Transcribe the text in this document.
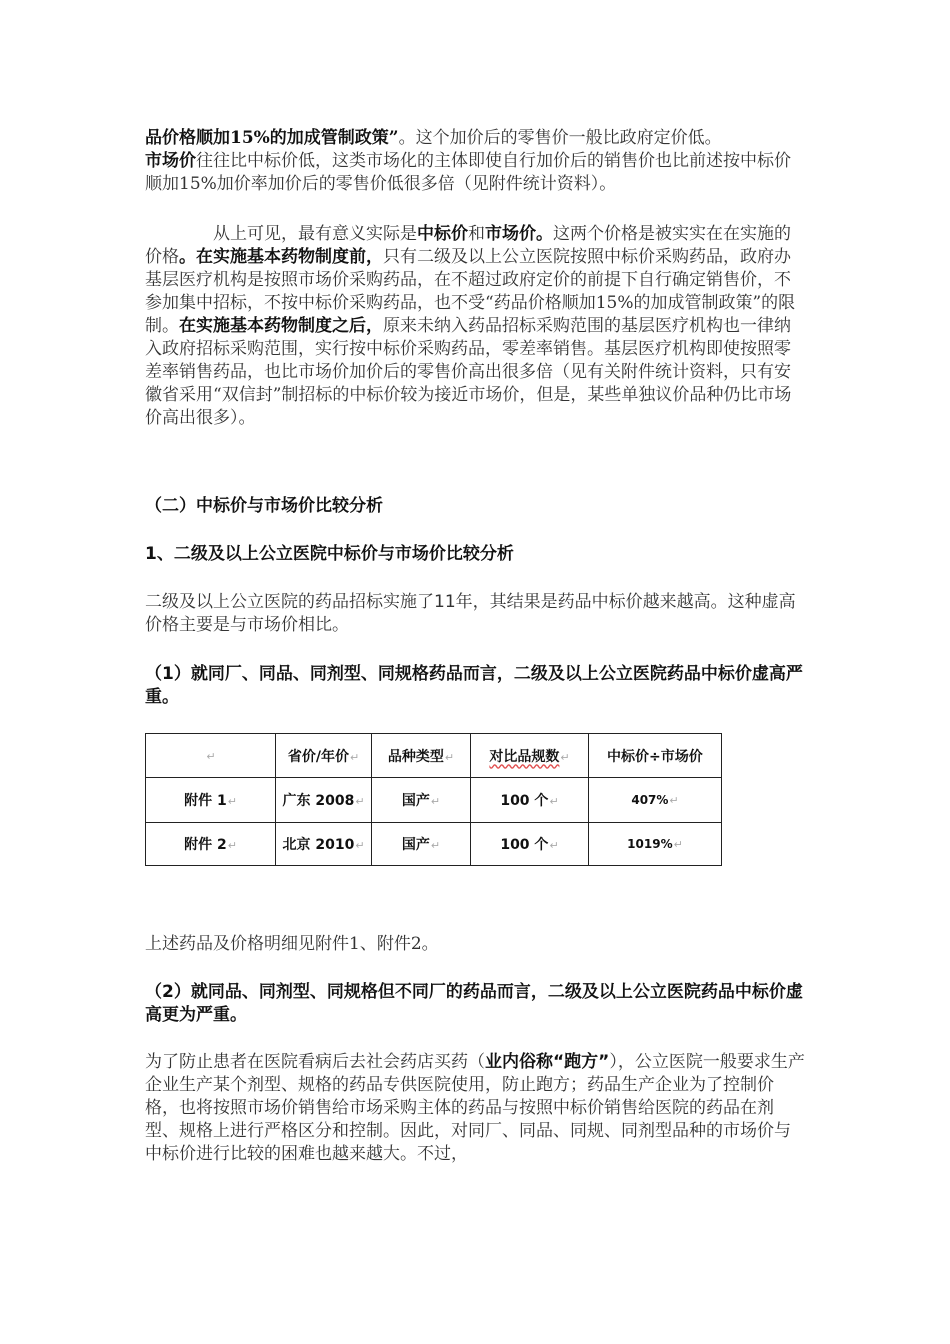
品价格顺加15%的加成管制政策”。这个加价后的零售价一般比政府定价低。
市场价往往比中标价低，这类市场化的主体即使自行加价后的销售价也比前述按中标价顺加15%加价率加价后的零售价低很多倍（见附件统计资料）。

从上可见，最有意义实际是中标价和市场价。这两个价格是被实实在在实施的价格。在实施基本药物制度前，只有二级及以上公立医院按照中标价采购药品，政府办基层医疗机构是按照市场价采购药品，在不超过政府定价的前提下自行确定销售价，不参加集中招标，不按中标价采购药品，也不受“药品价格顺加15%的加成管制政策”的限制。在实施基本药物制度之后，原来未纳入药品招标采购范围的基层医疗机构也一律纳入政府招标采购范围，实行按中标价采购药品，零差率销售。基层医疗机构即使按照零差率销售药品，也比市场价加价后的零售价高出很多倍（见有关附件统计资料，只有安徽省采用“双信封”制招标的中标价较为接近市场价，但是，某些单独议价品种仍比市场价高出很多）。

（二）中标价与市场价比较分析

1、二级及以上公立医院中标价与市场价比较分析

二级及以上公立医院的药品招标实施了11年，其结果是药品中标价越来越高。这种虚高价格主要是与市场价相比。

（1）就同厂、同品、同剂型、同规格药品而言，二级及以上公立医院药品中标价虚高严重。

上述药品及价格明细见附件1、附件2。

（2）就同品、同剂型、同规格但不同厂的药品而言，二级及以上公立医院药品中标价虚高更为严重。

为了防止患者在医院看病后去社会药店买药（业内俗称“跑方”），公立医院一般要求生产企业生产某个剂型、规格的药品专供医院使用，防止跑方；药品生产企业为了控制价格，也将按照市场价销售给市场采购主体的药品与按照中标价销售给医院的药品在剂型、规格上进行严格区分和控制。因此，对同厂、同品、同规、同剂型品种的市场价与中标价进行比较的困难也越来越大。不过，

↵	省价/年价↵	品种类型↵	对比品规数↵	中标价÷市场价
附件 1↵	广东 2008↵	国产↵	100 个↵	407%↵
附件 2↵	北京 2010↵	国产↵	100 个↵	1019%↵
